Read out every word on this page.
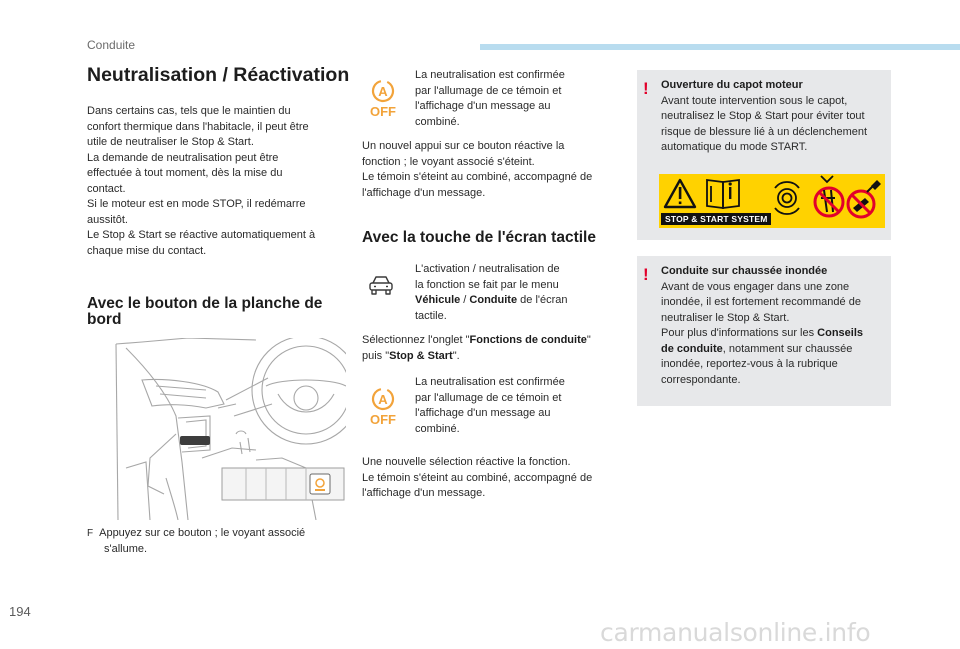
Conduite
Neutralisation / Réactivation
Dans certains cas, tels que le maintien du
confort thermique dans l'habitacle, il peut être
utile de neutraliser le Stop & Start.
La demande de neutralisation peut être
effectuée à tout moment, dès la mise du
contact.
Si le moteur est en mode STOP, il redémarre
aussitôt.
Le Stop & Start se réactive automatiquement à
chaque mise du contact.
Avec le bouton de la planche de
bord
F Appuyez sur ce bouton ; le voyant associé
s'allume.
A
OFF
La neutralisation est confirmée
par l'allumage de ce témoin et
l'affichage d'un message au
combiné.
Un nouvel appui sur ce bouton réactive la
fonction ; le voyant associé s'éteint.
Le témoin s'éteint au combiné, accompagné de
l'affichage d'un message.
Avec la touche de l'écran tactile
L'activation / neutralisation de
la fonction se fait par le menu
Véhicule / Conduite de l'écran
tactile.
Sélectionnez l'onglet "Fonctions de conduite"
puis "Stop & Start".
A
OFF
La neutralisation est confirmée
par l'allumage de ce témoin et
l'affichage d'un message au
combiné.
Une nouvelle sélection réactive la fonction.
Le témoin s'éteint au combiné, accompagné de
l'affichage d'un message.
! Ouverture du capot moteur
Avant toute intervention sous le capot,
neutralisez le Stop & Start pour éviter tout
risque de blessure lié à un déclenchement
automatique du mode START.
STOP & START SYSTEM
! Conduite sur chaussée inondée
Avant de vous engager dans une zone
inondée, il est fortement recommandé de
neutraliser le Stop & Start.
Pour plus d'informations sur les Conseils
de conduite, notamment sur chaussée
inondée, reportez-vous à la rubrique
correspondante.
194
carmanualsonline.info
